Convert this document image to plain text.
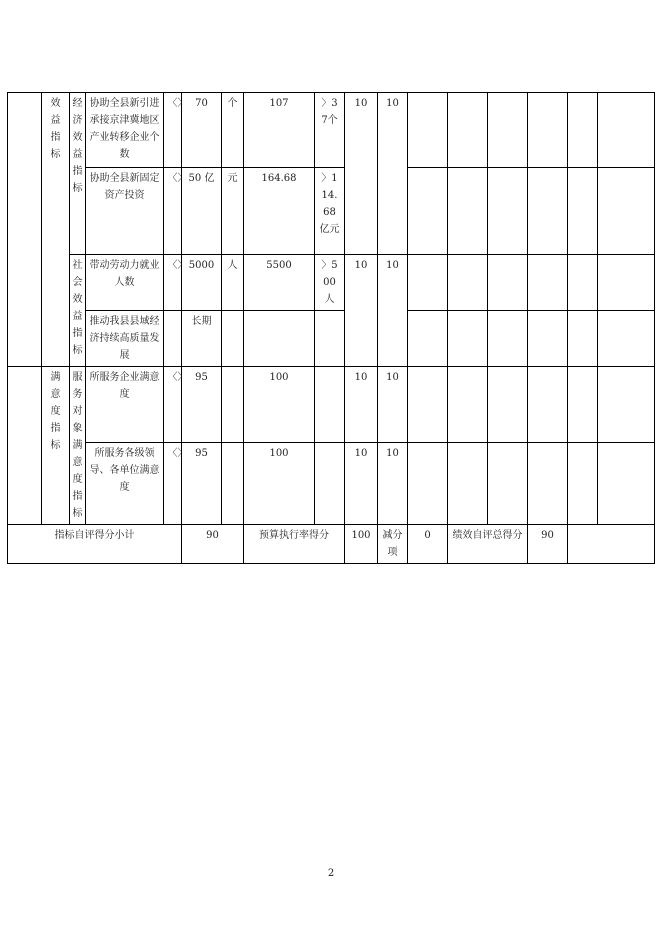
	效益指标	经济效益指标	协助全县新引进承接京津冀地区产业转移企业个数	〈〉	70	个	107	〉37个	10	10						
			协助全县新固定资产投资	〈〉	50 亿	元	164.68	〉114.68亿元								

		社会效益指标	带动劳动力就业人数	〈〉	5000	人	5500	〉500人	10	10						
			推动我县县域经济持续高质量发展		长期											

	满意度指标	服务对象满意度指标	所服务企业满意度	〈〉	95		100		10	10						
			所服务各级领导、各单位满意度	〈〉	95		100		10	10						
指标自评得分小计					90		预算执行率得分		100	减分项	0	绩效自评总得分		90		
2
